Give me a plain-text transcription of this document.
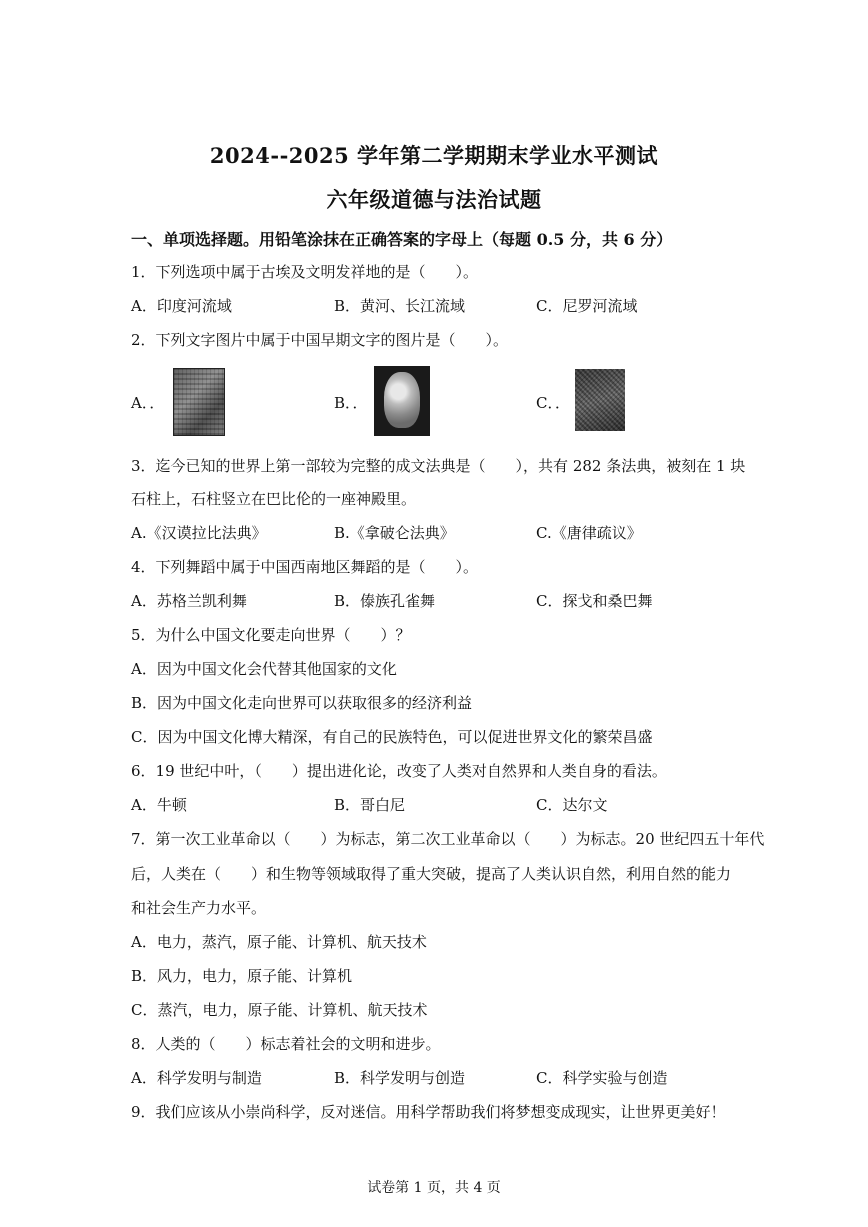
2024--2025 学年第二学期期末学业水平测试
六年级道德与法治试题
一、单项选择题。用铅笔涂抹在正确答案的字母上（每题 0.5 分，共 6 分）
1．下列选项中属于古埃及文明发祥地的是（　　）。
A．印度河流域	B．黄河、长江流域	C．尼罗河流域
2．下列文字图片中属于中国早期文字的图片是（　　）。
A．．	B．．	C．．
3．迄今已知的世界上第一部较为完整的成文法典是（　　），共有 282 条法典，被刻在 1 块
石柱上，石柱竖立在巴比伦的一座神殿里。
A.《汉谟拉比法典》	B.《拿破仑法典》	C.《唐律疏议》
4．下列舞蹈中属于中国西南地区舞蹈的是（　　）。
A．苏格兰凯利舞	B．傣族孔雀舞	C．探戈和桑巴舞
5．为什么中国文化要走向世界（　　）？
A．因为中国文化会代替其他国家的文化
B．因为中国文化走向世界可以获取很多的经济利益
C．因为中国文化博大精深，有自己的民族特色，可以促进世界文化的繁荣昌盛
6．19 世纪中叶，（　　）提出进化论，改变了人类对自然界和人类自身的看法。
A．牛顿	B．哥白尼	C．达尔文
7．第一次工业革命以（　　）为标志，第二次工业革命以（　　）为标志。20 世纪四五十年代
后，人类在（　　）和生物等领域取得了重大突破，提高了人类认识自然，利用自然的能力
和社会生产力水平。
A．电力，蒸汽，原子能、计算机、航天技术
B．风力，电力，原子能、计算机
C．蒸汽，电力，原子能、计算机、航天技术
8．人类的（　　）标志着社会的文明和进步。
A．科学发明与制造	B．科学发明与创造	C．科学实验与创造
9．我们应该从小崇尚科学，反对迷信。用科学帮助我们将梦想变成现实，让世界更美好！
试卷第 1 页，共 4 页
